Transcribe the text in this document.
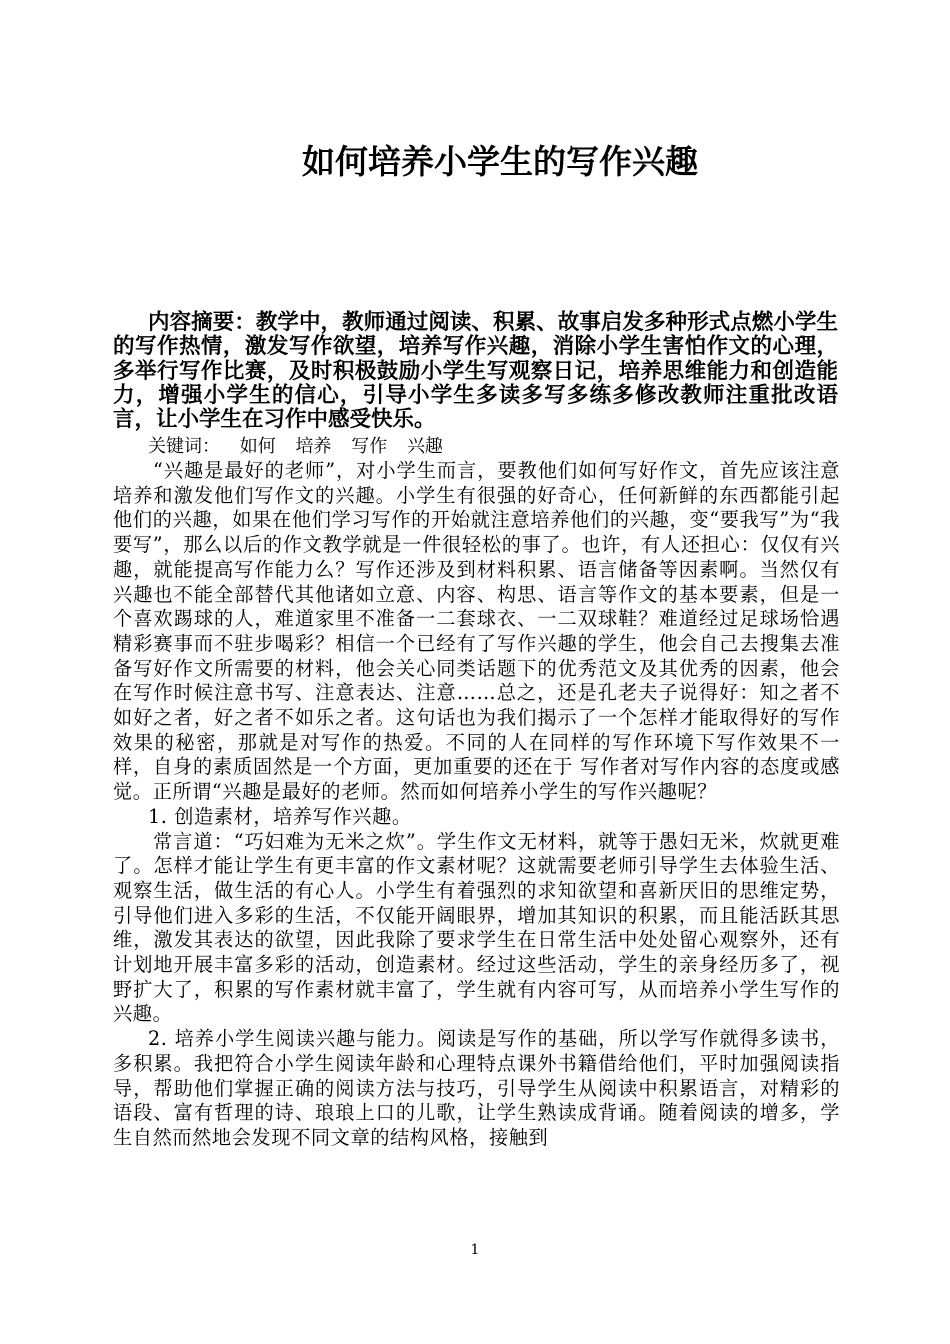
如何培养小学生的写作兴趣

内容摘要：教学中，教师通过阅读、积累、故事启发多种形式点燃小学生的写作热情，激发写作欲望，培养写作兴趣，消除小学生害怕作文的心理，多举行写作比赛，及时积极鼓励小学生写观察日记，培养思维能力和创造能力，增强小学生的信心，引导小学生多读多写多练多修改教师注重批改语言，让小学生在习作中感受快乐。

关键词： 如何 培养 写作 兴趣

“兴趣是最好的老师”，对小学生而言，要教他们如何写好作文，首先应该注意培养和激发他们写作文的兴趣。小学生有很强的好奇心，任何新鲜的东西都能引起他们的兴趣，如果在他们学习写作的开始就注意培养他们的兴趣，变“要我写”为“我要写”，那么以后的作文教学就是一件很轻松的事了。也许，有人还担心：仅仅有兴趣，就能提高写作能力么？写作还涉及到材料积累、语言储备等因素啊。当然仅有兴趣也不能全部替代其他诸如立意、内容、构思、语言等作文的基本要素，但是一个喜欢踢球的人，难道家里不准备一二套球衣、一二双球鞋？难道经过足球场恰遇精彩赛事而不驻步喝彩？相信一个已经有了写作兴趣的学生，他会自己去搜集去准备写好作文所需要的材料，他会关心同类话题下的优秀范文及其优秀的因素，他会在写作时候注意书写、注意表达、注意……总之，还是孔老夫子说得好：知之者不如好之者，好之者不如乐之者。这句话也为我们揭示了一个怎样才能取得好的写作效果的秘密，那就是对写作的热爱。不同的人在同样的写作环境下写作效果不一样，自身的素质固然是一个方面，更加重要的还在于 写作者对写作内容的态度或感觉。正所谓“兴趣是最好的老师。然而如何培养小学生的写作兴趣呢？

1. 创造素材，培养写作兴趣。

常言道：“巧妇难为无米之炊”。学生作文无材料，就等于愚妇无米，炊就更难了。怎样才能让学生有更丰富的作文素材呢？这就需要老师引导学生去体验生活、观察生活，做生活的有心人。小学生有着强烈的求知欲望和喜新厌旧的思维定势，引导他们进入多彩的生活，不仅能开阔眼界，增加其知识的积累，而且能活跃其思维，激发其表达的欲望，因此我除了要求学生在日常生活中处处留心观察外，还有计划地开展丰富多彩的活动，创造素材。经过这些活动，学生的亲身经历多了，视野扩大了，积累的写作素材就丰富了，学生就有内容可写，从而培养小学生写作的兴趣。

2. 培养小学生阅读兴趣与能力。阅读是写作的基础，所以学写作就得多读书，多积累。我把符合小学生阅读年龄和心理特点课外书籍借给他们，平时加强阅读指导，帮助他们掌握正确的阅读方法与技巧，引导学生从阅读中积累语言，对精彩的语段、富有哲理的诗、琅琅上口的儿歌，让学生熟读成背诵。随着阅读的增多，学生自然而然地会发现不同文章的结构风格，接触到

1
